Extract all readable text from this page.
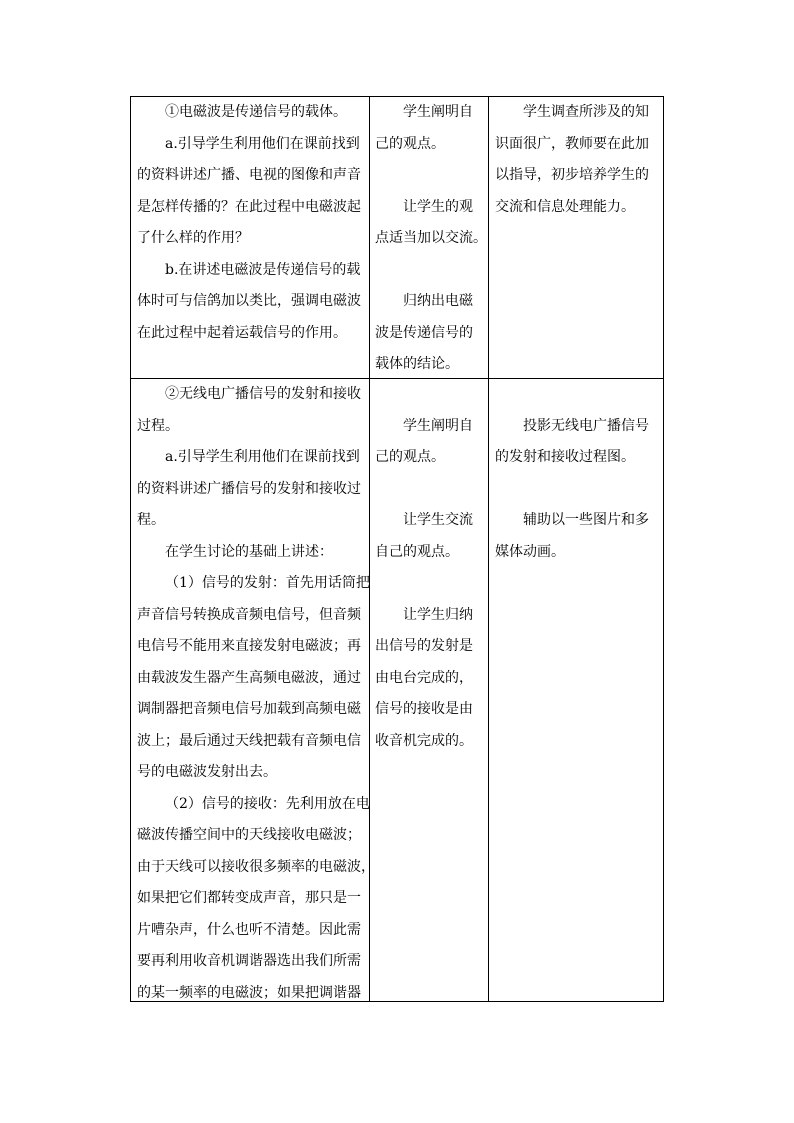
①电磁波是传递信号的载体。

a.引导学生利用他们在课前找到

的资料讲述广播、电视的图像和声音

是怎样传播的？在此过程中电磁波起

了什么样的作用？

b.在讲述电磁波是传递信号的载

体时可与信鸽加以类比，强调电磁波

在此过程中起着运载信号的作用。

学生阐明自

己的观点。

让学生的观

点适当加以交流。

归纳出电磁

波是传递信号的

载体的结论。

学生调查所涉及的知

识面很广，教师要在此加

以指导，初步培养学生的

交流和信息处理能力。

②无线电广播信号的发射和接收

过程。

a.引导学生利用他们在课前找到

的资料讲述广播信号的发射和接收过

程。

在学生讨论的基础上讲述：

（1）信号的发射：首先用话筒把

声音信号转换成音频电信号，但音频

电信号不能用来直接发射电磁波；再

由载波发生器产生高频电磁波，通过

调制器把音频电信号加载到高频电磁

波上；最后通过天线把载有音频电信

号的电磁波发射出去。

（2）信号的接收：先利用放在电

磁波传播空间中的天线接收电磁波；

由于天线可以接收很多频率的电磁波，

如果把它们都转变成声音，那只是一

片嘈杂声，什么也听不清楚。因此需

要再利用收音机调谐器选出我们所需

的某一频率的电磁波；如果把调谐器

学生阐明自

己的观点。

让学生交流

自己的观点。

让学生归纳

出信号的发射是

由电台完成的，

信号的接收是由

收音机完成的。

投影无线电广播信号

的发射和接收过程图。

辅助以一些图片和多

媒体动画。
